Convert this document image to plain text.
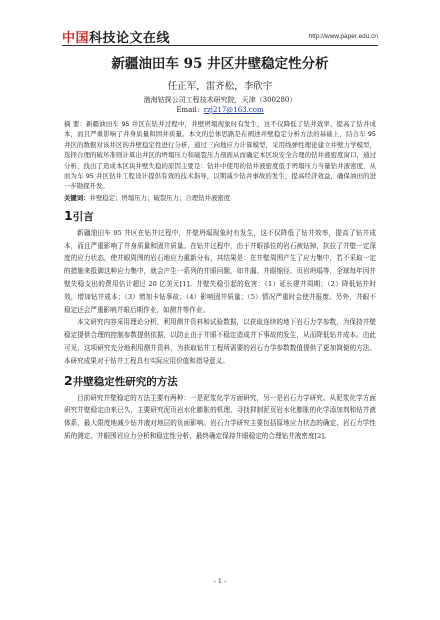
中国科技论文在线	http://www.paper.edu.cn

新疆油田车 95 井区井壁稳定性分析

任正军，雷齐松，李欣宇
渤海钻探公司工程技术研究院，天津（300280）
Email：rzj217@163.com
摘 要：新疆油田车 95 井区在钻井过程中，井壁坍塌现象时有发生，这不仅降低了钻井效率、提高了钻井成本，而且严重影响了井身质量和固井质量。本文的总体思路是在阐述井壁稳定分析方法的基础上，结合车 95 井区的数据对该井区的井壁稳定性进行分析，通过三向地应力计算模型，采用线弹性理论建立井壁力学模型，选择合理的破坏准则计算出井区的坍塌压力和破裂压力剖面从而确定本区块安全合理的钻井液密度窗口，通过分析，找出了造成本区块井壁失稳的原因主要是：钻井中使用的钻井液密度低于坍塌压力当量钻井液密度，从而为车 95 井区钻井工程设计提供有效的技术指导，以期减少钻井事故的发生，提高经济效益，确保油田的进一步勘探开发。
关键词：井壁稳定；坍塌压力；破裂压力；合理钻井液密度
1引言

新疆油田车 95 井区在钻井过程中，井壁坍塌现象时有发生，这不仅降低了钻井效率，提高了钻井成本，而且严重影响了井身质量和固井质量。在钻井过程中，由于井眼部位的岩石被钻掉，抗拉了井壁一定深度的应力状态，使井眼周围的岩石地应力重新分布，其结果是：在井壁周围产生了应力集中，若不采取一定的措施来抵御这种应力集中，就会产生一系列的井眼问题，如井漏、井眼缩径、页岩坍塌等，全球每年因井壁失稳支出的费用估计超过 20 亿美元[1]。井壁失稳引起的危害：（1）延长建井周期；（2）降低钻井时效，增加钻井成本；（3）增加卡钻事故；（4）影响固井质量；（5）情况严重时会使井报废。另外，井眼不稳定还会严重影响井眼后期作业，如测井等作业。

本文研究内容采用理论分析，利用测井资料和试验数据，以获取连续的地下岩石力学参数，为保持井壁稳定提供合理的控制参数提供依据，以防止由于井眼不稳定造成井下事故的发生，从而降低钻井成本。由此可见，这项研究充分地利用测井资料，为获取钻井工程所需要的岩石力学参数数值提供了更加简便的方法。本研究成果对于钻井工程具有实际应用价值和指导意义。

2井壁稳定性研究的方法

目前研究井壁稳定的方法主要有两种：一是泥浆化学方面研究，另一是岩石力学研究。从泥浆化学方面研究井壁稳定由来已久，主要研究泥页岩水化膨胀的机理，寻找抑制泥页岩水化膨胀的化学添加剂和钻井液体系，最大限度地减少钻井液对地层的负面影响。岩石力学研究主要包括原地应力状态的确定、岩石力学性质的测定、井眼围岩应力分析和稳定性分析，最终确定保持井眼稳定的合理钻井液密度[2]。

- 1 -
